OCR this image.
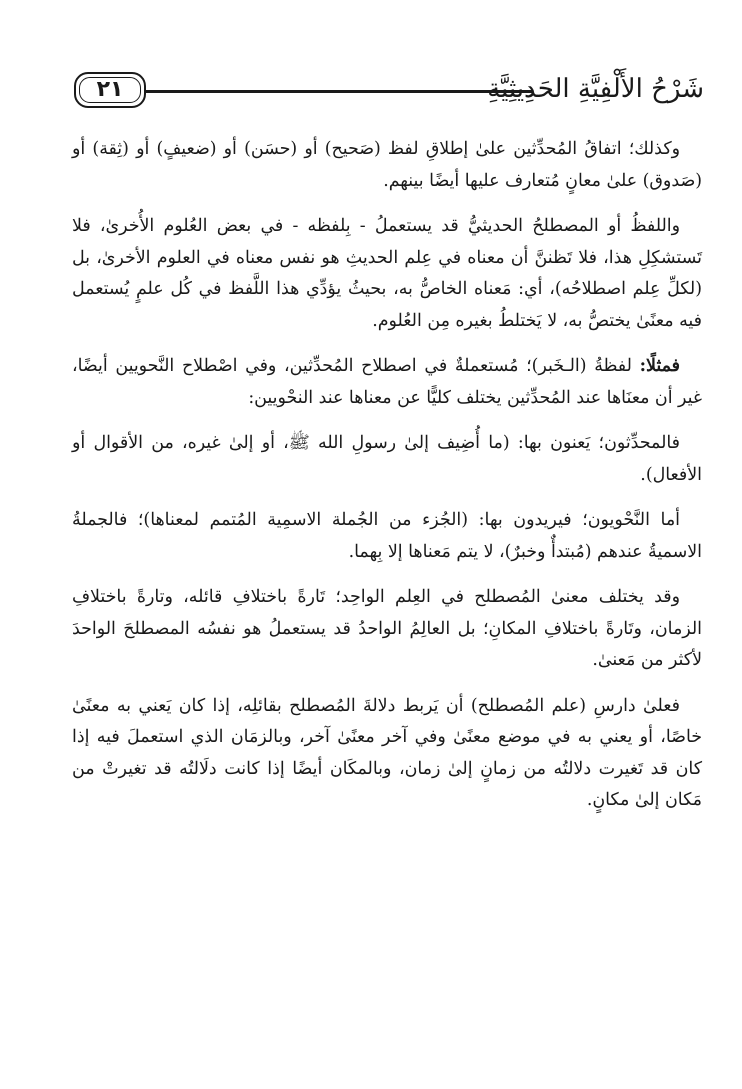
٢١	شَرْحُ الأَلْفِيَّةِ الحَدِيثِيَّةِ

وكذلك؛ اتفاقُ المُحدِّثين علىٰ إطلاقِ لفظ (صَحيح) أو (حسَن) أو (ضعيفٍ) أو (ثِقة) أو (صَدوق) علىٰ معانٍ مُتعارف عليها أيضًا بينهم.

واللفظُ أو المصطلحُ الحديثيُّ قد يستعملُ - بِلفظه - في بعض العُلوم الأُخرىٰ، فلا تَستشكِلِ هذا، فلا تَظننَّ أن معناه في عِلم الحديثِ هو نفس معناه في العلوم الأخرىٰ، بل (لكلِّ عِلم اصطلاحُه)، أي: مَعناه الخاصُّ به، بحيثُ يؤدِّي هذا اللَّفظ في كُل علمٍ يُستعمل فيه معنًىٰ يختصُّ به، لا يَختلطُ بغيره مِن العُلوم.

فمثلًا: لفظةُ (الـخَبر)؛ مُستعملةٌ في اصطلاح المُحدِّثين، وفي اصْطلاح النَّحويين أيضًا، غير أن معنَاها عند المُحدِّثين يختلف كليًّا عن معناها عند النحْويين:

فالمحدِّثون؛ يَعنون بها: (ما أُضِيف إلىٰ رسولِ الله ﷺ، أو إلىٰ غيره، من الأقوال أو الأفعال).

أما النَّحْويون؛ فيريدون بها: (الجُزء من الجُملة الاسمِية المُتمم لمعناها)؛ فالجملةُ الاسميةُ عندهم (مُبتدأٌ وخبرٌ)، لا يتم مَعناها إلا بِهما.

وقد يختلف معنىٰ المُصطلح في العِلم الواحِد؛ تَارةً باختلافِ قائله، وتارةً باختلافِ الزمان، وتَارةً باختلافِ المكانِ؛ بل العالِمُ الواحدُ قد يستعملُ هو نفسُه المصطلحَ الواحدَ لأكثر من مَعنىٰ.

فعلىٰ دارسِ (علم المُصطلح) أن يَربط دلالةَ المُصطلح بقائلِه، إذا كان يَعني به معنًىٰ خاصًا، أو يعني به في موضع معنًىٰ وفي آخر معنًىٰ آخر، وبالزمَان الذي استعملَ فيه إذا كان قد تَغيرت دلالتُه من زمانٍ إلىٰ زمان، وبالمكَان أيضًا إذا كانت دلَالتُه قد تغيرتْ من مَكان إلىٰ مكانٍ.
